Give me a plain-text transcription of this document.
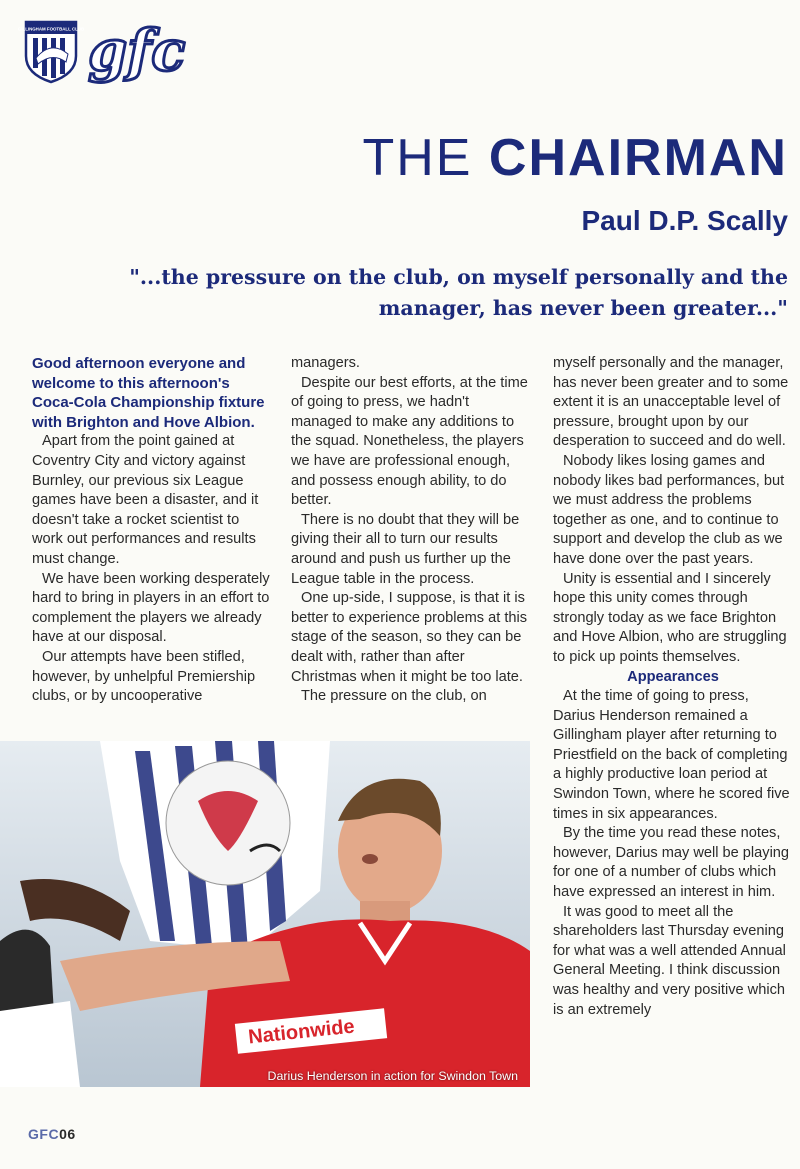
GILLINGHAM FOOTBALL CLUB gfc
THE CHAIRMAN
Paul D.P. Scally
"...the pressure on the club, on myself personally and the
manager, has never been greater..."

Good afternoon everyone and welcome to this afternoon's Coca-Cola Championship fixture with Brighton and Hove Albion.

Apart from the point gained at Coventry City and victory against Burnley, our previous six League games have been a disaster, and it doesn't take a rocket scientist to work out performances and results must change.

We have been working desperately hard to bring in players in an effort to complement the players we already have at our disposal.

Our attempts have been stifled, however, by unhelpful Premiership clubs, or by uncooperative

managers.

Despite our best efforts, at the time of going to press, we hadn't managed to make any additions to the squad. Nonetheless, the players we have are professional enough, and possess enough ability, to do better.

There is no doubt that they will be giving their all to turn our results around and push us further up the League table in the process.

One up-side, I suppose, is that it is better to experience problems at this stage of the season, so they can be dealt with, rather than after Christmas when it might be too late.

The pressure on the club, on

myself personally and the manager, has never been greater and to some extent it is an unacceptable level of pressure, brought upon by our desperation to succeed and do well.

Nobody likes losing games and nobody likes bad performances, but we must address the problems together as one, and to continue to support and develop the club as we have done over the past years.

Unity is essential and I sincerely hope this unity comes through strongly today as we face Brighton and Hove Albion, who are struggling to pick up points themselves.

Appearances

At the time of going to press, Darius Henderson remained a Gillingham player after returning to Priestfield on the back of completing a highly productive loan period at Swindon Town, where he scored five times in six appearances.

By the time you read these notes, however, Darius may well be playing for one of a number of clubs which have expressed an interest in him.

It was good to meet all the shareholders last Thursday evening for what was a well attended Annual General Meeting. I think discussion was healthy and very positive which is an extremely

Nationwide
Darius Henderson in action for Swindon Town
GFC06
